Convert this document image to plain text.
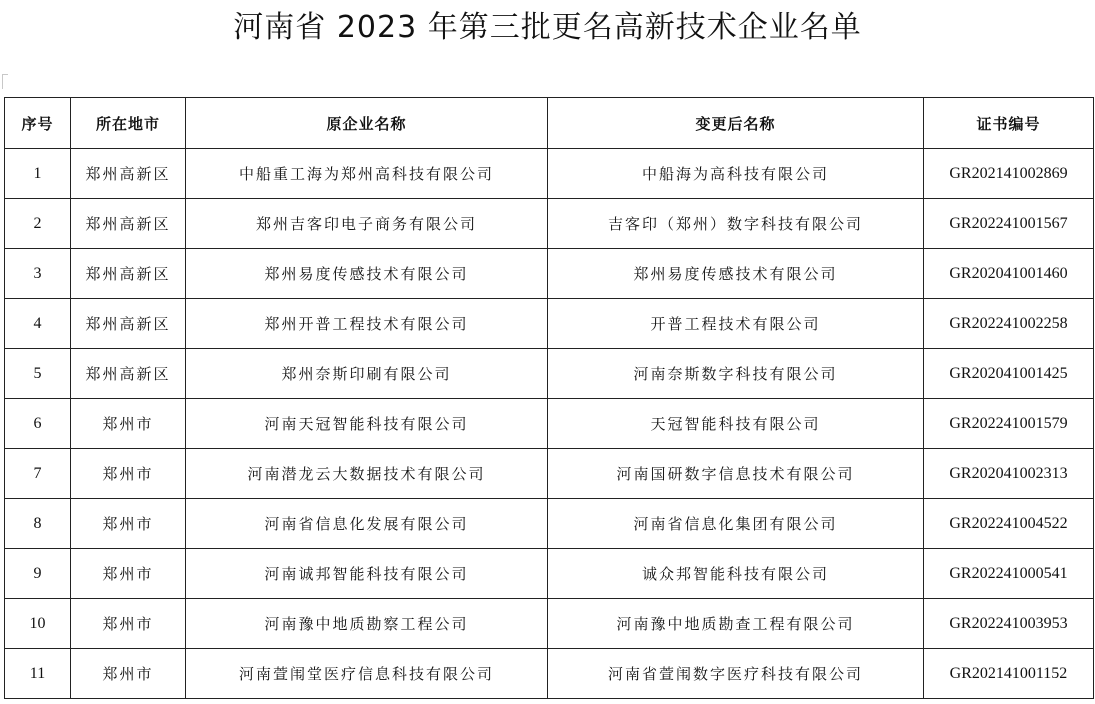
河南省 2023 年第三批更名高新技术企业名单
序号	所在地市	原企业名称	变更后名称	证书编号
1	郑州高新区	中船重工海为郑州高科技有限公司	中船海为高科技有限公司	GR202141002869
2	郑州高新区	郑州吉客印电子商务有限公司	吉客印（郑州）数字科技有限公司	GR202241001567
3	郑州高新区	郑州易度传感技术有限公司	郑州易度传感技术有限公司	GR202041001460
4	郑州高新区	郑州开普工程技术有限公司	开普工程技术有限公司	GR202241002258
5	郑州高新区	郑州奈斯印刷有限公司	河南奈斯数字科技有限公司	GR202041001425
6	郑州市	河南天冠智能科技有限公司	天冠智能科技有限公司	GR202241001579
7	郑州市	河南潜龙云大数据技术有限公司	河南国研数字信息技术有限公司	GR202041002313
8	郑州市	河南省信息化发展有限公司	河南省信息化集团有限公司	GR202241004522
9	郑州市	河南诚邦智能科技有限公司	诚众邦智能科技有限公司	GR202241000541
10	郑州市	河南豫中地质勘察工程公司	河南豫中地质勘查工程有限公司	GR202241003953
11	郑州市	河南萱闱堂医疗信息科技有限公司	河南省萱闱数字医疗科技有限公司	GR202141001152
